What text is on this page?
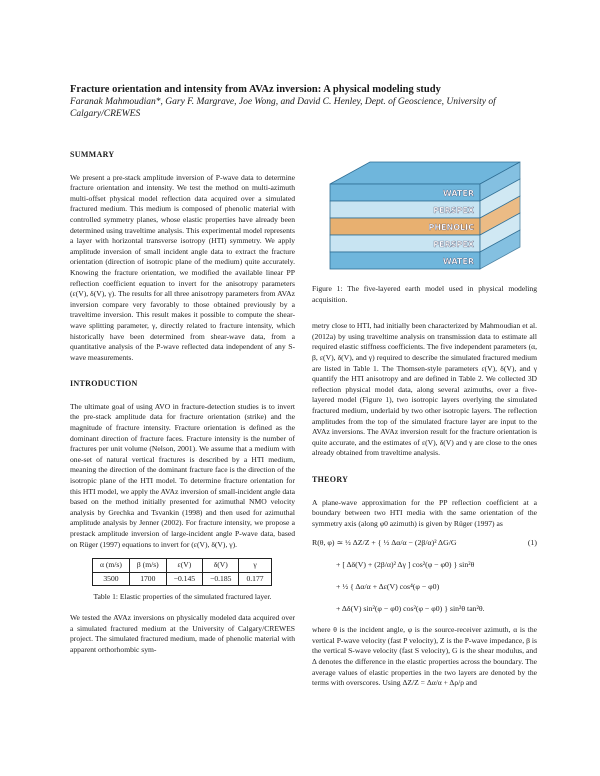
Fracture orientation and intensity from AVAz inversion: A physical modeling study
Faranak Mahmoudian*, Gary F. Margrave, Joe Wong, and David C. Henley, Dept. of Geoscience, University of Calgary/CREWES
SUMMARY

We present a pre-stack amplitude inversion of P-wave data to determine fracture orientation and intensity. We test the method on multi-azimuth multi-offset physical model reflection data acquired over a simulated fractured medium. This medium is composed of phenolic material with controlled symmetry planes, whose elastic properties have already been determined using traveltime analysis. This experimental model represents a layer with horizontal transverse isotropy (HTI) symmetry. We apply amplitude inversion of small incident angle data to extract the fracture orientation (direction of isotropic plane of the medium) quite accurately. Knowing the fracture orientation, we modified the available linear PP reflection coefficient equation to invert for the anisotropy parameters (ε(V), δ(V), γ). The results for all three anisotropy parameters from AVAz inversion compare very favorably to those obtained previously by a traveltime inversion. This result makes it possible to compute the shear-wave splitting parameter, γ, directly related to fracture intensity, which historically have been determined from shear-wave data, from a quantitative analysis of the P-wave reflected data independent of any S-wave measurements.

INTRODUCTION

The ultimate goal of using AVO in fracture-detection studies is to invert the pre-stack amplitude data for fracture orientation (strike) and the magnitude of fracture intensity. Fracture orientation is defined as the dominant direction of fracture faces. Fracture intensity is the number of fractures per unit volume (Nelson, 2001). We assume that a medium with one-set of natural vertical fractures is described by a HTI medium, meaning the direction of the dominant fracture face is the direction of the isotropic plane of the HTI model. To determine fracture orientation for this HTI model, we apply the AVAz inversion of small-incident angle data based on the method initially presented for azimuthal NMO velocity analysis by Grechka and Tsvankin (1998) and then used for azimuthal amplitude analysis by Jenner (2002). For fracture intensity, we propose a prestack amplitude inversion of large-incident angle P-wave data, based on Rüger (1997) equations to invert for (ε(V), δ(V), γ).

α (m/s)	β (m/s)	ε(V)	δ(V)	γ
3500	1700	−0.145	−0.185	0.177
Table 1: Elastic properties of the simulated fractured layer.

We tested the AVAz inversions on physically modeled data acquired over a simulated fractured medium at the University of Calgary/CREWES project. The simulated fractured medium, made of phenolic material with apparent orthorhombic sym-

WATER
PERSPEX
PHENOLIC
PERSPEX
WATER

Figure 1: The five-layered earth model used in physical modeling acquisition.

metry close to HTI, had initially been characterized by Mahmoudian et al. (2012a) by using traveltime analysis on transmission data to estimate all required elastic stiffness coefficients. The five independent parameters (α, β, ε(V), δ(V), and γ) required to describe the simulated fractured medium are listed in Table 1. The Thomsen-style parameters ε(V), δ(V), and γ quantify the HTI anisotropy and are defined in Table 2. We collected 3D reflection physical model data, along several azimuths, over a five-layered model (Figure 1), two isotropic layers overlying the simulated fractured medium, underlaid by two other isotropic layers. The reflection amplitudes from the top of the simulated fracture layer are input to the AVAz inversions. The AVAz inversion result for the fracture orientation is quite accurate, and the estimates of ε(V), δ(V) and γ are close to the ones already obtained from traveltime analysis.

THEORY

A plane-wave approximation for the PP reflection coefficient at a boundary between two HTI media with the same orientation of the symmetry axis (along φ0 azimuth) is given by Rüger (1997) as

R(θ, φ) ≃ ½ ΔZ/Z + { ½ Δα/α − (2β/α)² ΔG/G	(1)
+ [ Δδ(V) + (2β/α)² Δγ ] cos²(φ − φ0) } sin²θ
+ ½ { Δα/α + Δε(V) cos⁴(φ − φ0)
+ Δδ(V) sin²(φ − φ0) cos²(φ − φ0) } sin²θ tan²θ.

where θ is the incident angle, φ is the source-receiver azimuth, α is the vertical P-wave velocity (fast P velocity), Z is the P-wave impedance, β is the vertical S-wave velocity (fast S velocity), G is the shear modulus, and Δ denotes the difference in the elastic properties across the boundary. The average values of elastic properties in the two layers are denoted by the terms with overscores. Using ΔZ/Z = Δα/α + Δρ/ρ and
